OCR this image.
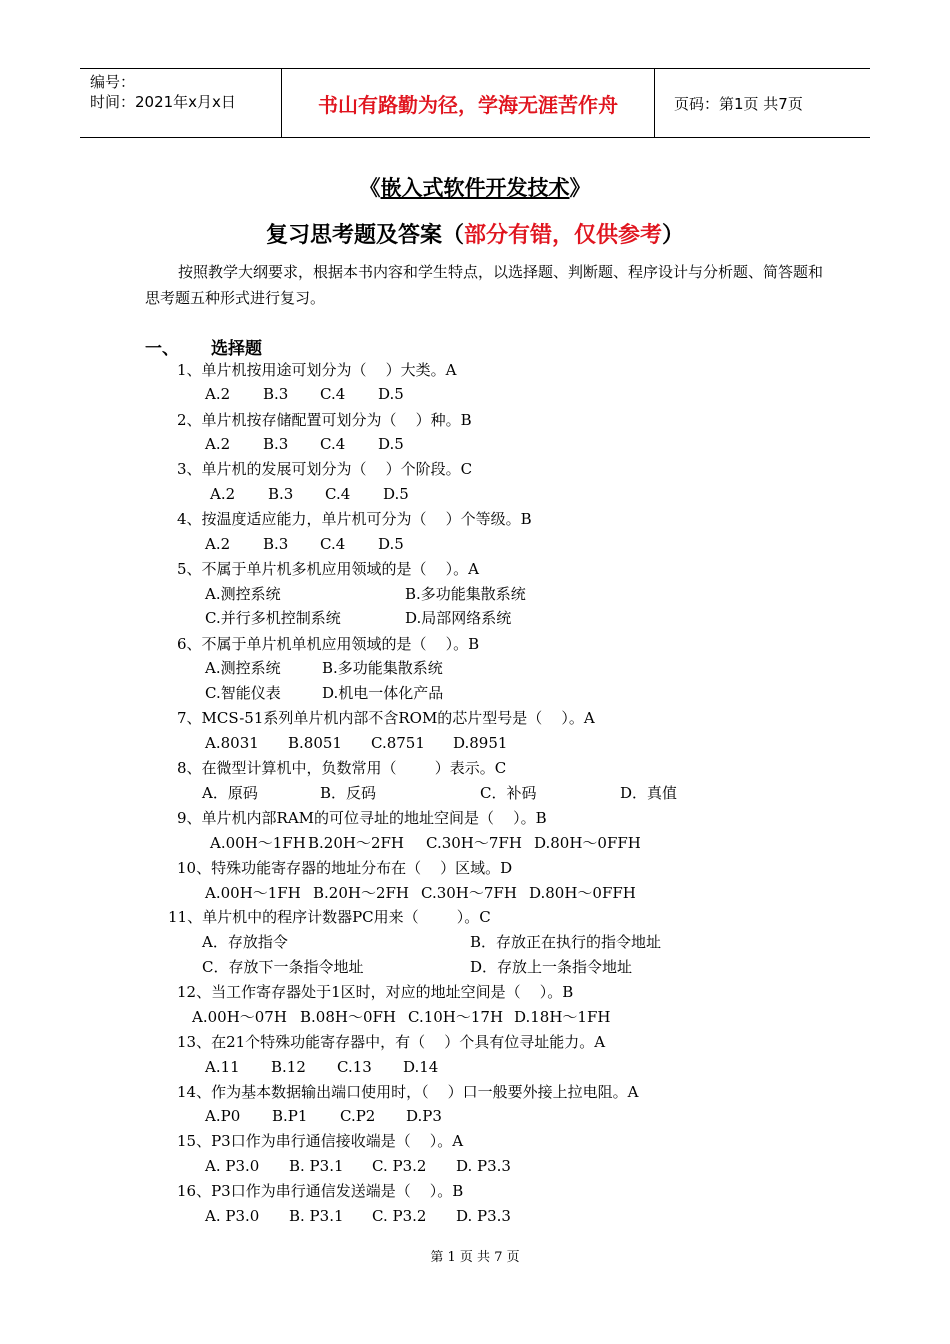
编号：
时间：2021年x月x日	书山有路勤为径，学海无涯苦作舟	页码：第1页 共7页
《嵌入式软件开发技术》
复习思考题及答案（部分有错，仅供参考）
按照教学大纲要求，根据本书内容和学生特点，以选择题、判断题、程序设计与分析题、简答题和思考题五种形式进行复习。
一、 选择题
1、单片机按用途可划分为（    ）大类。A
A.2 B.3 C.4 D.5
2、单片机按存储配置可划分为（    ）种。B
A.2 B.3 C.4 D.5
3、单片机的发展可划分为（    ）个阶段。C
A.2 B.3 C.4 D.5
4、按温度适应能力，单片机可分为（    ）个等级。B
A.2 B.3 C.4 D.5
5、不属于单片机多机应用领域的是（    ）。A
A.测控系统	B.多功能集散系统
C.并行多机控制系统	D.局部网络系统
6、不属于单片机单机应用领域的是（    ）。B
A.测控系统	B.多功能集散系统
C.智能仪表	D.机电一体化产品
7、MCS-51系列单片机内部不含ROM的芯片型号是（    ）。A
A.8031 B.8051 C.8751 D.8951
8、在微型计算机中，负数常用（        ）表示。C
A．原码	B．反码	C．补码	D．真值
9、单片机内部RAM的可位寻址的地址空间是（    ）。B
A.00H～1FH B.20H～2FH C.30H～7FH D.80H～0FFH
10、特殊功能寄存器的地址分布在（    ）区域。D
A.00H～1FH B.20H～2FH C.30H～7FH D.80H～0FFH
11、单片机中的程序计数器PC用来（        ）。C
A．存放指令	B．存放正在执行的指令地址
C．存放下一条指令地址	D．存放上一条指令地址
12、当工作寄存器处于1区时，对应的地址空间是（    ）。B
A.00H～07H B.08H～0FH C.10H～17H D.18H～1FH
13、在21个特殊功能寄存器中，有（    ）个具有位寻址能力。A
A.11 B.12 C.13 D.14
14、作为基本数据输出端口使用时，（    ）口一般要外接上拉电阻。A
A.P0 B.P1 C.P2 D.P3
15、P3口作为串行通信接收端是（    ）。A
A. P3.0 B. P3.1 C. P3.2 D. P3.3
16、P3口作为串行通信发送端是（    ）。B
A. P3.0 B. P3.1 C. P3.2 D. P3.3
第 1 页 共 7 页
